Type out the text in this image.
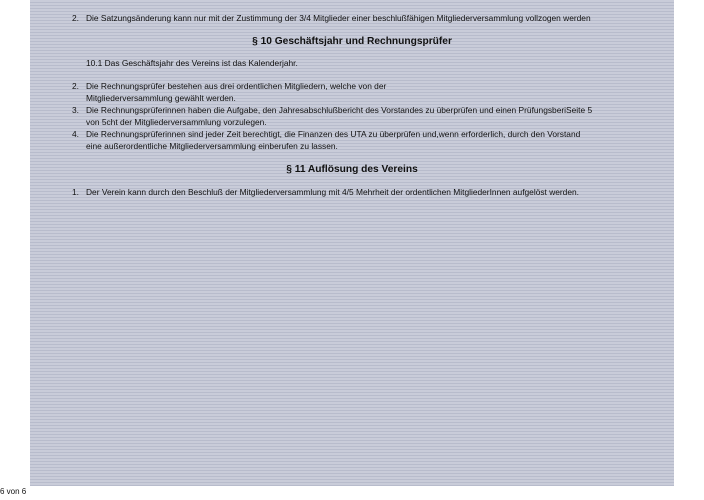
2. Die Satzungsänderung kann nur mit der Zustimmung der 3/4 Mitglieder einer beschlußfähigen Mitgliederversammlung vollzogen werden
§ 10 Geschäftsjahr und Rechnungsprüfer
10.1 Das Geschäftsjahr des Vereins ist das Kalenderjahr.
2. Die Rechnungsprüfer bestehen aus drei ordentlichen Mitgliedern, welche von der
Mitgliederversammlung gewählt werden.
3. Die Rechnungsprüferinnen haben die Aufgabe, den Jahresabschlußbericht des Vorstandes zu überprüfen und einen PrüfungsberiSeite 5
von 5cht der Mitgliederversammlung vorzulegen.
4. Die Rechnungsprüferinnen sind jeder Zeit berechtigt, die Finanzen des UTA zu überprüfen und,wenn erforderlich, durch den Vorstand
eine außerordentliche Mitgliederversammlung einberufen zu lassen.
§ 11 Auflösung des Vereins
1. Der Verein kann durch den Beschluß der Mitgliederversammlung mit 4/5 Mehrheit der ordentlichen MitgliederInnen aufgelöst werden.
6 von 6
